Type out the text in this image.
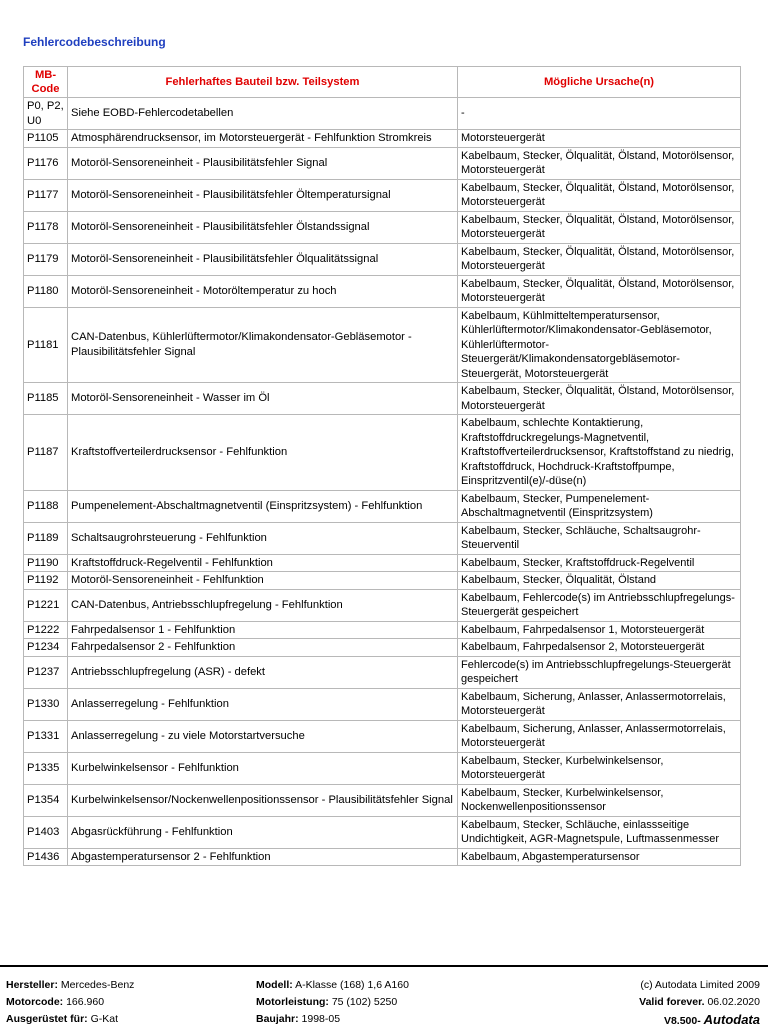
Fehlercodebeschreibung
MB-Code	Fehlerhaftes Bauteil bzw. Teilsystem	Mögliche Ursache(n)
P0, P2, U0	Siehe EOBD-Fehlercodetabellen	-
P1105	Atmosphärendrucksensor, im Motorsteuergerät - Fehlfunktion Stromkreis	Motorsteuergerät
P1176	Motoröl-Sensoreneinheit - Plausibilitätsfehler Signal	Kabelbaum, Stecker, Ölqualität, Ölstand, Motorölsensor, Motorsteuergerät
P1177	Motoröl-Sensoreneinheit - Plausibilitätsfehler Öltemperatursignal	Kabelbaum, Stecker, Ölqualität, Ölstand, Motorölsensor, Motorsteuergerät
P1178	Motoröl-Sensoreneinheit - Plausibilitätsfehler Ölstandssignal	Kabelbaum, Stecker, Ölqualität, Ölstand, Motorölsensor, Motorsteuergerät
P1179	Motoröl-Sensoreneinheit - Plausibilitätsfehler Ölqualitätssignal	Kabelbaum, Stecker, Ölqualität, Ölstand, Motorölsensor, Motorsteuergerät
P1180	Motoröl-Sensoreneinheit - Motoröltemperatur zu hoch	Kabelbaum, Stecker, Ölqualität, Ölstand, Motorölsensor, Motorsteuergerät
P1181	CAN-Datenbus, Kühlerlüftermotor/Klimakondensator-Gebläsemotor - Plausibilitätsfehler Signal	Kabelbaum, Kühlmitteltemperatursensor, Kühlerlüftermotor/Klimakondensator-Gebläsemotor, Kühlerlüftermotor-Steuergerät/Klimakondensatorgebläsemotor-Steuergerät, Motorsteuergerät
P1185	Motoröl-Sensoreneinheit - Wasser im Öl	Kabelbaum, Stecker, Ölqualität, Ölstand, Motorölsensor, Motorsteuergerät
P1187	Kraftstoffverteilerdrucksensor - Fehlfunktion	Kabelbaum, schlechte Kontaktierung, Kraftstoffdruckregelungs-Magnetventil, Kraftstoffverteilerdrucksensor, Kraftstoffstand zu niedrig, Kraftstoffdruck, Hochdruck-Kraftstoffpumpe, Einspritzventil(e)/-düse(n)
P1188	Pumpenelement-Abschaltmagnetventil (Einspritzsystem) - Fehlfunktion	Kabelbaum, Stecker, Pumpenelement-Abschaltmagnetventil (Einspritzsystem)
P1189	Schaltsaugrohrsteuerung - Fehlfunktion	Kabelbaum, Stecker, Schläuche, Schaltsaugrohr-Steuerventil
P1190	Kraftstoffdruck-Regelventil - Fehlfunktion	Kabelbaum, Stecker, Kraftstoffdruck-Regelventil
P1192	Motoröl-Sensoreneinheit - Fehlfunktion	Kabelbaum, Stecker, Ölqualität, Ölstand
P1221	CAN-Datenbus, Antriebsschlupfregelung - Fehlfunktion	Kabelbaum, Fehlercode(s) im Antriebsschlupfregelungs-Steuergerät gespeichert
P1222	Fahrpedalsensor 1 - Fehlfunktion	Kabelbaum, Fahrpedalsensor 1, Motorsteuergerät
P1234	Fahrpedalsensor 2 - Fehlfunktion	Kabelbaum, Fahrpedalsensor 2, Motorsteuergerät
P1237	Antriebsschlupfregelung (ASR) - defekt	Fehlercode(s) im Antriebsschlupfregelungs-Steuergerät gespeichert
P1330	Anlasserregelung - Fehlfunktion	Kabelbaum, Sicherung, Anlasser, Anlassermotorrelais, Motorsteuergerät
P1331	Anlasserregelung - zu viele Motorstartversuche	Kabelbaum, Sicherung, Anlasser, Anlassermotorrelais, Motorsteuergerät
P1335	Kurbelwinkelsensor - Fehlfunktion	Kabelbaum, Stecker, Kurbelwinkelsensor, Motorsteuergerät
P1354	Kurbelwinkelsensor/Nockenwellenpositionssensor - Plausibilitätsfehler Signal	Kabelbaum, Stecker, Kurbelwinkelsensor, Nockenwellenpositionssensor
P1403	Abgasrückführung - Fehlfunktion	Kabelbaum, Stecker, Schläuche, einlassseitige Undichtigkeit, AGR-Magnetspule, Luftmassenmesser
P1436	Abgastemperatursensor 2 - Fehlfunktion	Kabelbaum, Abgastemperatursensor
Hersteller: Mercedes-Benz
Motorcode: 166.960
Ausgerüstet für: G-Kat
Modell: A-Klasse (168) 1,6 A160
Motorleistung: 75 (102) 5250
Baujahr: 1998-05
(c) Autodata Limited 2009
Valid forever. 06.02.2020
V8.500- Autodata
